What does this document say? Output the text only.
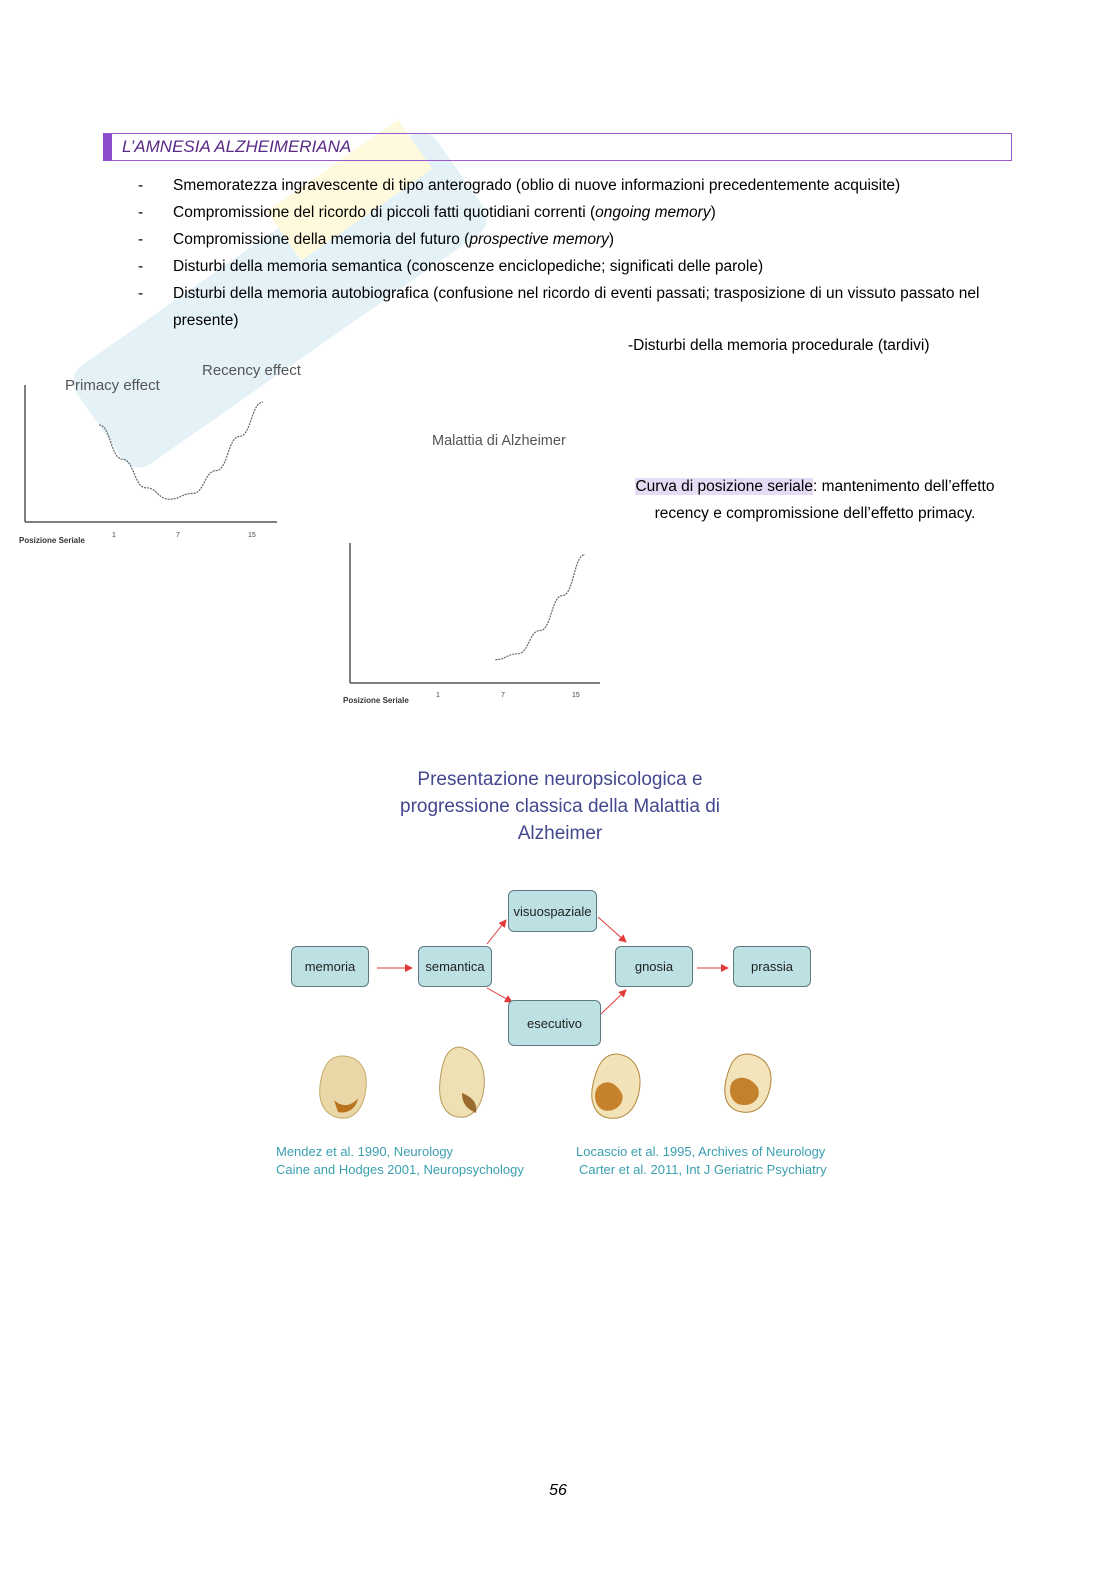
L’AMNESIA ALZHEIMERIANA
- Smemoratezza ingravescente di tipo anterogrado (oblio di nuove informazioni precedentemente acquisite)
- Compromissione del ricordo di piccoli fatti quotidiani correnti (ongoing memory)
- Compromissione della memoria del futuro (prospective memory)
- Disturbi della memoria semantica (conoscenze enciclopediche; significati delle parole)
- Disturbi della memoria autobiografica (confusione nel ricordo di eventi passati; trasposizione di un vissuto passato nel presente)
-Disturbi della memoria procedurale (tardivi)
Primacy effect
Recency effect
Posizione Seriale
1	7	15
Malattia di Alzheimer
Posizione Seriale
1	7	15
Curva di posizione seriale: mantenimento dell’effetto recency e compromissione dell’effetto primacy.
Presentazione neuropsicologica e progressione classica della Malattia di Alzheimer
memoria	semantica
visuospaziale
esecutivo
gnosia	prassia
Mendez et al. 1990, Neurology
Caine and Hodges 2001, Neuropsychology
Locascio et al. 1995, Archives of Neurology
Carter et al. 2011, Int J Geriatric Psychiatry
56
